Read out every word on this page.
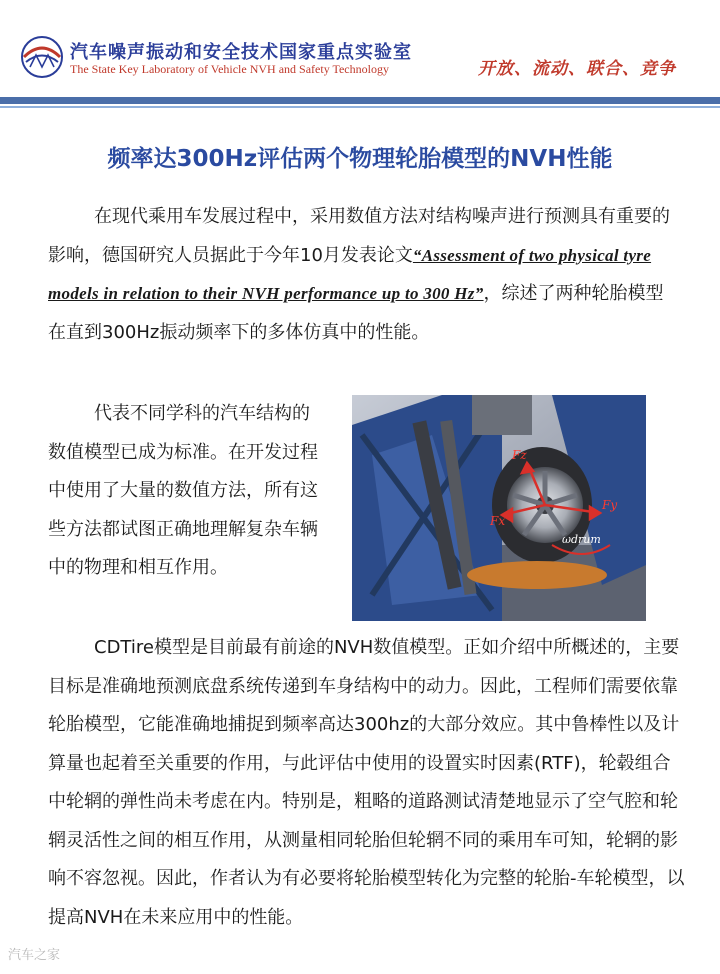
汽车噪声振动和安全技术国家重点实验室
The State Key Laboratory of Vehicle NVH and Safety Technology	开放、流动、联合、竞争
频率达300Hz评估两个物理轮胎模型的NVH性能

在现代乘用车发展过程中，采用数值方法对结构噪声进行预测具有重要的影响，德国研究人员据此于今年10月发表论文“Assessment of two physical tyre models in relation to their NVH performance up to 300 Hz”，综述了两种轮胎模型在直到300Hz振动频率下的多体仿真中的性能。

代表不同学科的汽车结构的数值模型已成为标准。在开发过程中使用了大量的数值方法，所有这些方法都试图正确地理解复杂车辆中的物理和相互作用。

Fz
Fx
Fy
ωdrum

CDTire模型是目前最有前途的NVH数值模型。正如介绍中所概述的，主要目标是准确地预测底盘系统传递到车身结构中的动力。因此，工程师们需要依靠轮胎模型，它能准确地捕捉到频率高达300hz的大部分效应。其中鲁棒性以及计算量也起着至关重要的作用，与此评估中使用的设置实时因素(RTF)，轮毂组合中轮辋的弹性尚未考虑在内。特别是，粗略的道路测试清楚地显示了空气腔和轮辋灵活性之间的相互作用，从测量相同轮胎但轮辋不同的乘用车可知，轮辋的影响不容忽视。因此，作者认为有必要将轮胎模型转化为完整的轮胎-车轮模型，以提高NVH在未来应用中的性能。

汽车之家
